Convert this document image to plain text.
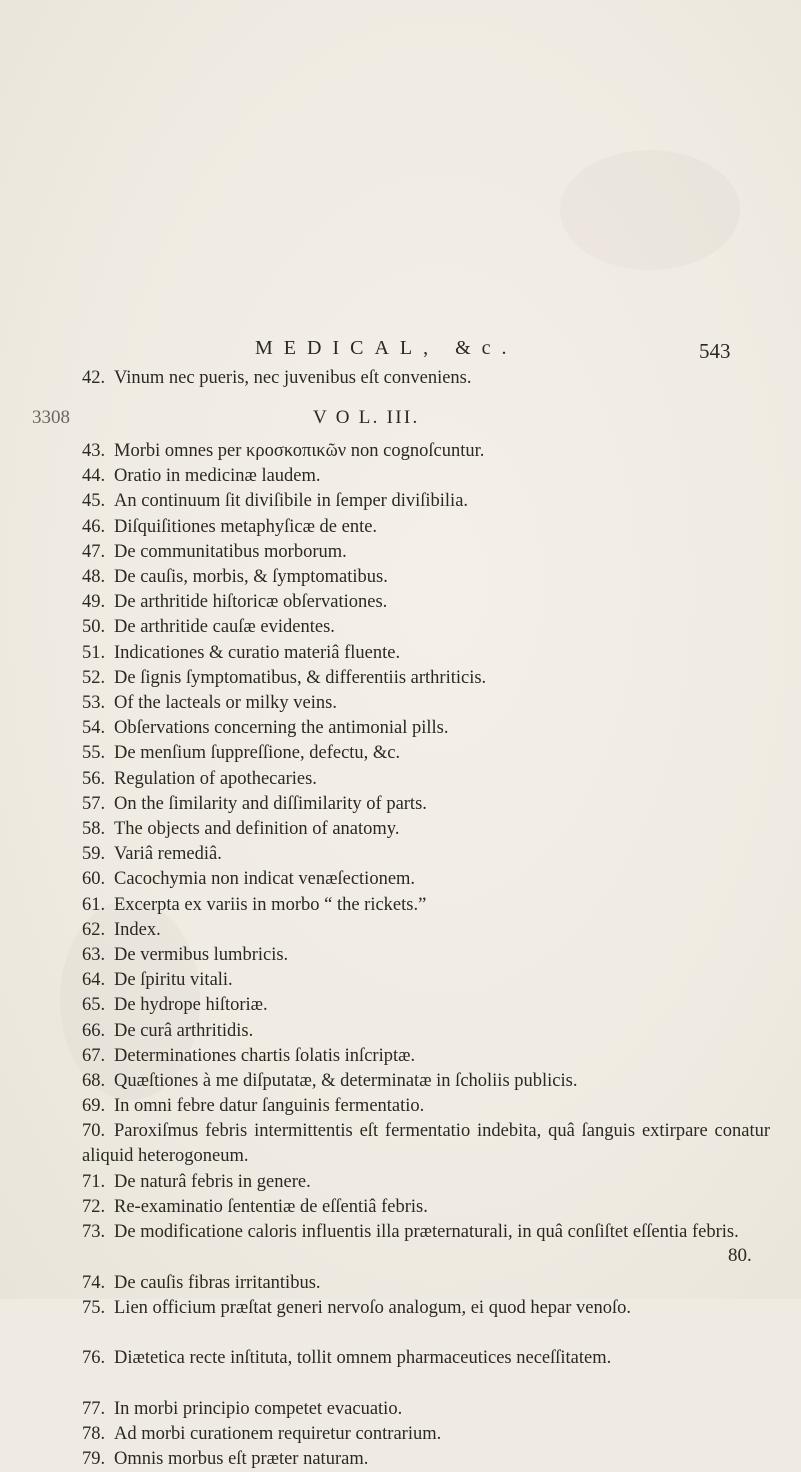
MEDICAL, &c.	543
3308
42. Vinum nec pueris, nec juvenibus eſt conveniens.
V O L. III.
43. Morbi omnes per κροσκοπικῶν non cognoſcuntur.
44. Oratio in medicinæ laudem.
45. An continuum ſit diviſibile in ſemper diviſibilia.
46. Diſquiſitiones metaphyſicæ de ente.
47. De communitatibus morborum.
48. De cauſis, morbis, & ſymptomatibus.
49. De arthritide hiſtoricæ obſervationes.
50. De arthritide cauſæ evidentes.
51. Indicationes & curatio materiâ fluente.
52. De ſignis ſymptomatibus, & differentiis arthriticis.
53. Of the lacteals or milky veins.
54. Obſervations concerning the antimonial pills.
55. De menſium ſuppreſſione, defectu, &c.
56. Regulation of apothecaries.
57. On the ſimilarity and diſſimilarity of parts.
58. The objects and definition of anatomy.
59. Variâ remediâ.
60. Cacochymia non indicat venæſectionem.
61. Excerpta ex variis in morbo “ the rickets.”
62. Index.
63. De vermibus lumbricis.
64. De ſpiritu vitali.
65. De hydrope hiſtoriæ.
66. De curâ arthritidis.
67. Determinationes chartis ſolatis inſcriptæ.
68. Quæſtiones à me diſputatæ, & determinatæ in ſcholiis publicis.
69. In omni febre datur ſanguinis fermentatio.
70. Paroxiſmus febris intermittentis eſt fermentatio indebita, quâ ſanguis extirpare conatur aliquid heterogoneum.
71. De naturâ febris in genere.
72. Re-examinatio ſententiæ de eſſentiâ febris.
73. De modificatione caloris influentis illa præternaturali, in quâ conſiſtet eſſentia febris.
74. De cauſis fibras irritantibus.
75. Lien officium præſtat generi nervoſo analogum, ei quod hepar venoſo.
76. Diætetica recte inſtituta, tollit omnem pharmaceutices neceſſitatem.
77. In morbi principio competet evacuatio.
78. Ad morbi curationem requiretur contrarium.
79. Omnis morbus eſt præter naturam.
80.
